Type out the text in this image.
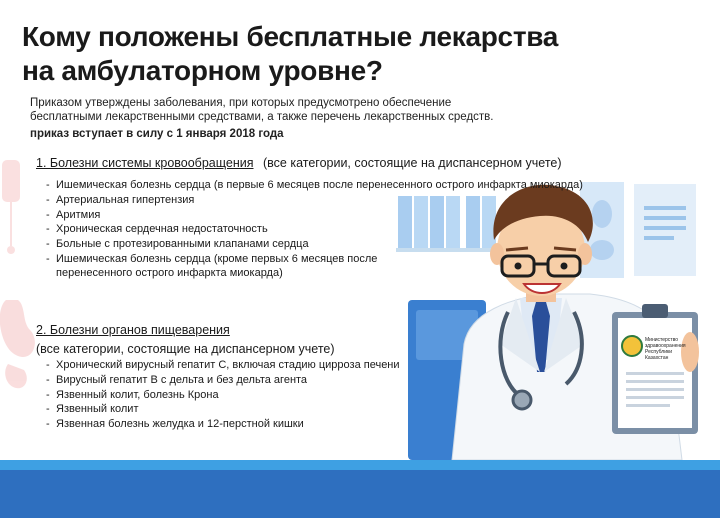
Кому положены бесплатные лекарства
на амбулаторном уровне?
Приказом утверждены заболевания, при которых предусмотрено обеспечение
бесплатными лекарственными средствами, а также перечень лекарственных средств.
приказ вступает в силу с 1 января 2018 года
Министерство
здравоохранения
Республики
Казахстан
1. Болезни системы кровообращения (все категории, состоящие на диспансерном учете)
- Ишемическая болезнь сердца (в первые 6 месяцев после перенесенного острого инфаркта миокарда)
- Артериальная гипертензия
- Аритмия
- Хроническая сердечная недостаточность
- Больные с протезированными клапанами сердца
- Ишемическая болезнь сердца (кроме первых 6 месяцев после
перенесенного острого инфаркта миокарда)
2. Болезни органов пищеварения
(все категории, состоящие на диспансерном учете)
- Хронический вирусный гепатит С, включая стадию цирроза печени
- Вирусный гепатит В с дельта и без дельта агента
- Язвенный колит, болезнь Крона
- Язвенный колит
- Язвенная болезнь желудка и 12-перстной кишки
